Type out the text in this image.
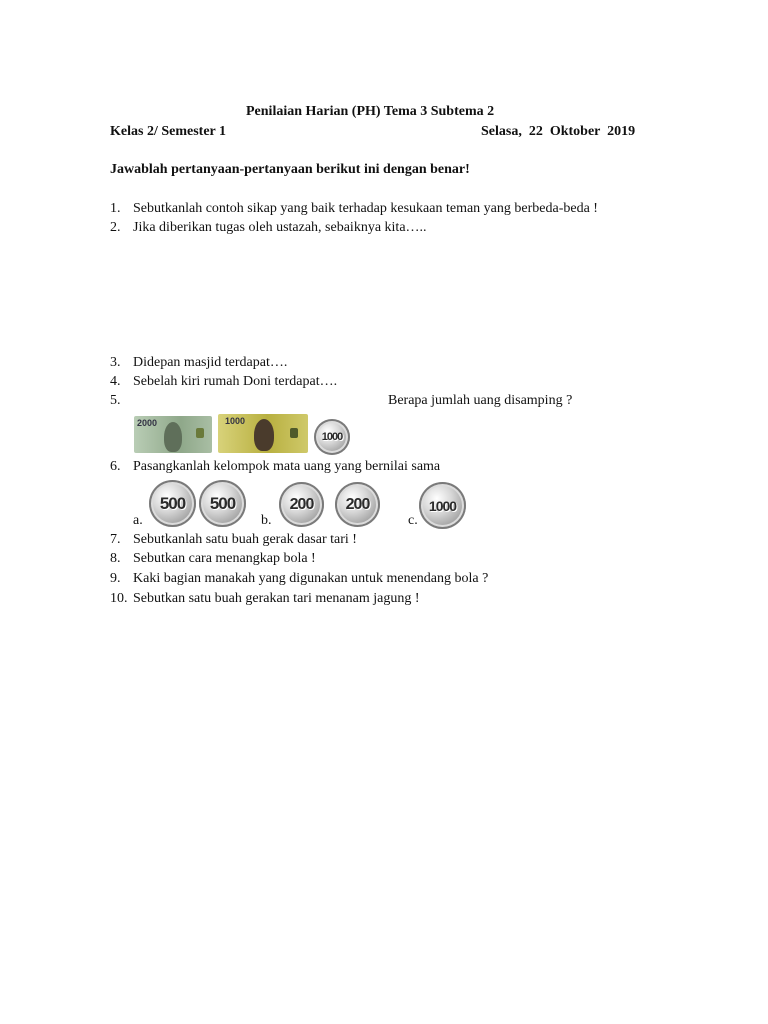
Penilaian Harian (PH) Tema 3 Subtema 2
Kelas 2/ Semester 1	Selasa,  22  Oktober  2019
Jawablah pertanyaan-pertanyaan berikut ini dengan benar!
1. Sebutkanlah contoh sikap yang baik terhadap kesukaan teman yang berbeda-beda !
2. Jika diberikan tugas oleh ustazah, sebaiknya kita…..
3. Didepan masjid terdapat….
4. Sebelah kiri rumah Doni terdapat….
5.	Berapa jumlah uang disamping ?
2000	1000
1000
6. Pasangkanlah kelompok mata uang yang bernilai sama
a.
500 500
b.
200 200
c.
1000
7. Sebutkanlah satu buah gerak dasar tari !
8. Sebutkan cara menangkap bola !
9. Kaki bagian manakah yang digunakan untuk menendang bola ?
10. Sebutkan satu buah gerakan tari menanam jagung !
